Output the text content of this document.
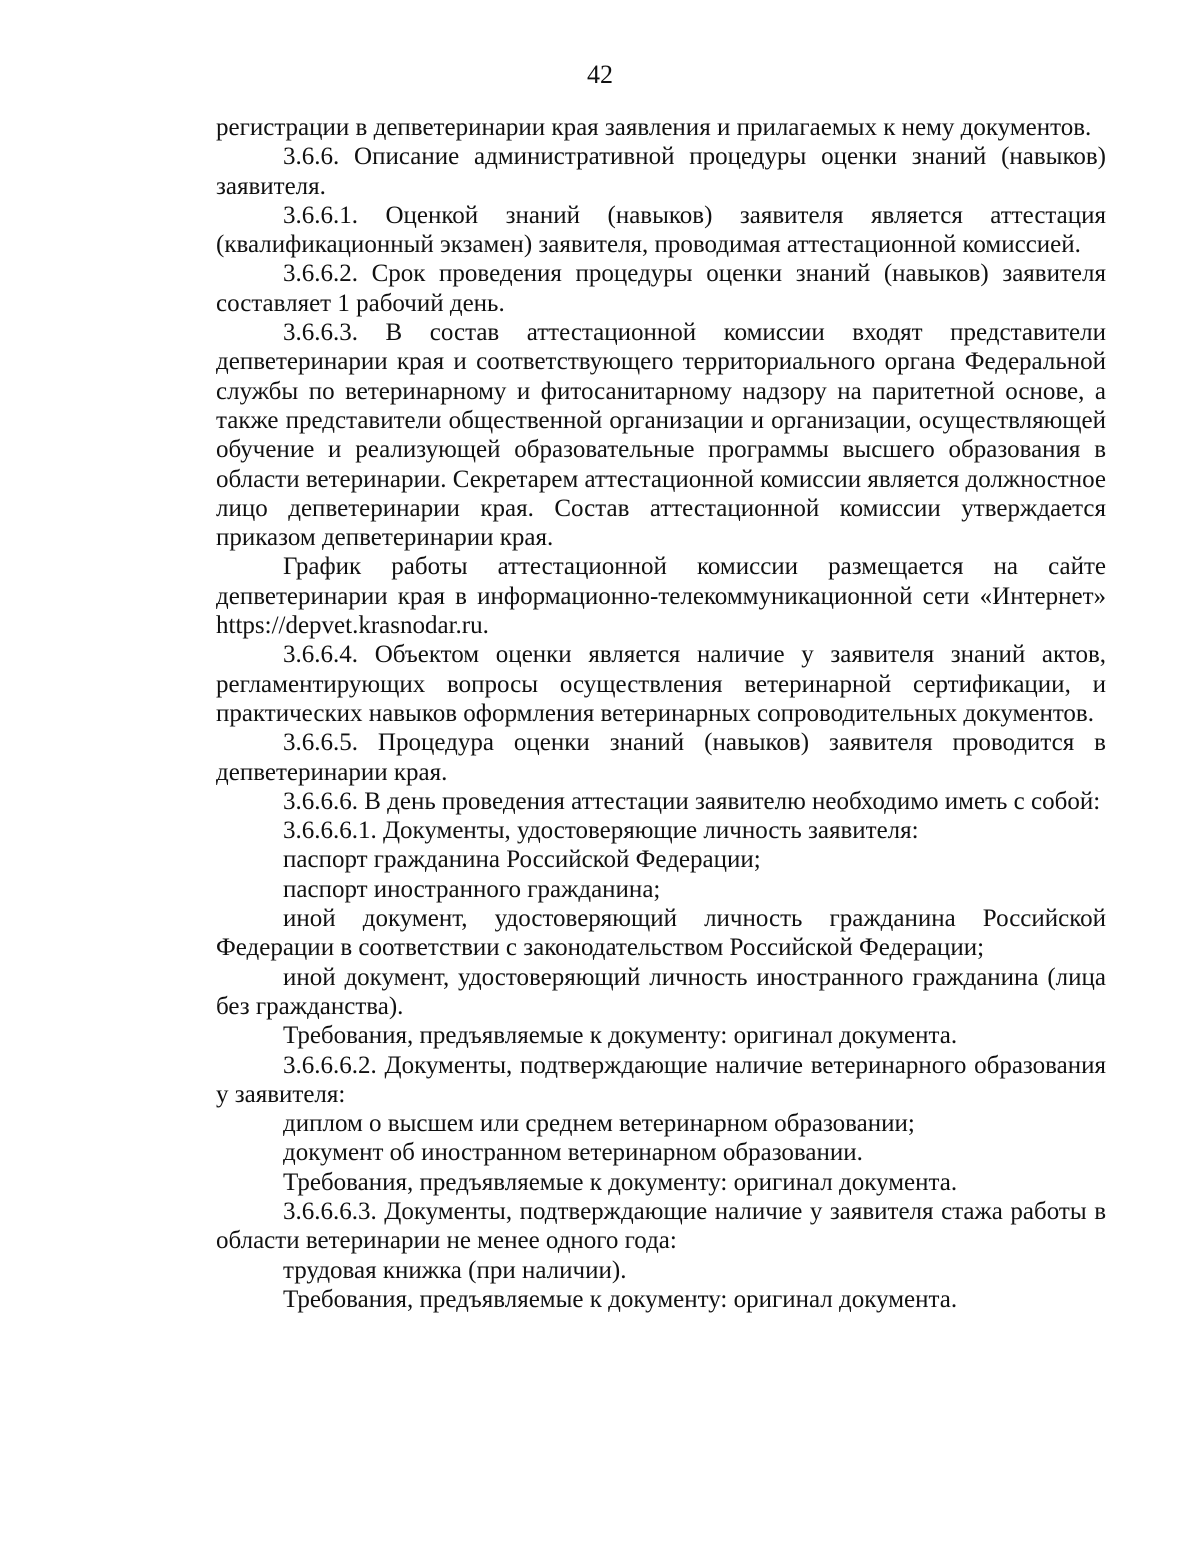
42

регистрации в депветеринарии края заявления и прилагаемых к нему документов.

3.6.6. Описание административной процедуры оценки знаний (навыков) заявителя.

3.6.6.1. Оценкой знаний (навыков) заявителя является аттестация (квалификационный экзамен) заявителя, проводимая аттестационной комиссией.

3.6.6.2. Срок проведения процедуры оценки знаний (навыков) заявителя составляет 1 рабочий день.

3.6.6.3. В состав аттестационной комиссии входят представители депветеринарии края и соответствующего территориального органа Федеральной службы по ветеринарному и фитосанитарному надзору на паритетной основе, а также представители общественной организации и организации, осуществляющей обучение и реализующей образовательные программы высшего образования в области ветеринарии. Секретарем аттестационной комиссии является должностное лицо депветеринарии края. Состав аттестационной комиссии утверждается приказом депветеринарии края.

График работы аттестационной комиссии размещается на сайте депветеринарии края в информационно-телекоммуникационной сети «Интернет» https://depvet.krasnodar.ru.

3.6.6.4. Объектом оценки является наличие у заявителя знаний актов, регламентирующих вопросы осуществления ветеринарной сертификации, и практических навыков оформления ветеринарных сопроводительных документов.

3.6.6.5. Процедура оценки знаний (навыков) заявителя проводится в депветеринарии края.

3.6.6.6. В день проведения аттестации заявителю необходимо иметь с собой:

3.6.6.6.1. Документы, удостоверяющие личность заявителя:

паспорт гражданина Российской Федерации;

паспорт иностранного гражданина;

иной документ, удостоверяющий личность гражданина Российской Федерации в соответствии с законодательством Российской Федерации;

иной документ, удостоверяющий личность иностранного гражданина (лица без гражданства).

Требования, предъявляемые к документу: оригинал документа.

3.6.6.6.2. Документы, подтверждающие наличие ветеринарного образования у заявителя:

диплом о высшем или среднем ветеринарном образовании;

документ об иностранном ветеринарном образовании.

Требования, предъявляемые к документу: оригинал документа.

3.6.6.6.3. Документы, подтверждающие наличие у заявителя стажа работы в области ветеринарии не менее одного года:

трудовая книжка (при наличии).

Требования, предъявляемые к документу: оригинал документа.
